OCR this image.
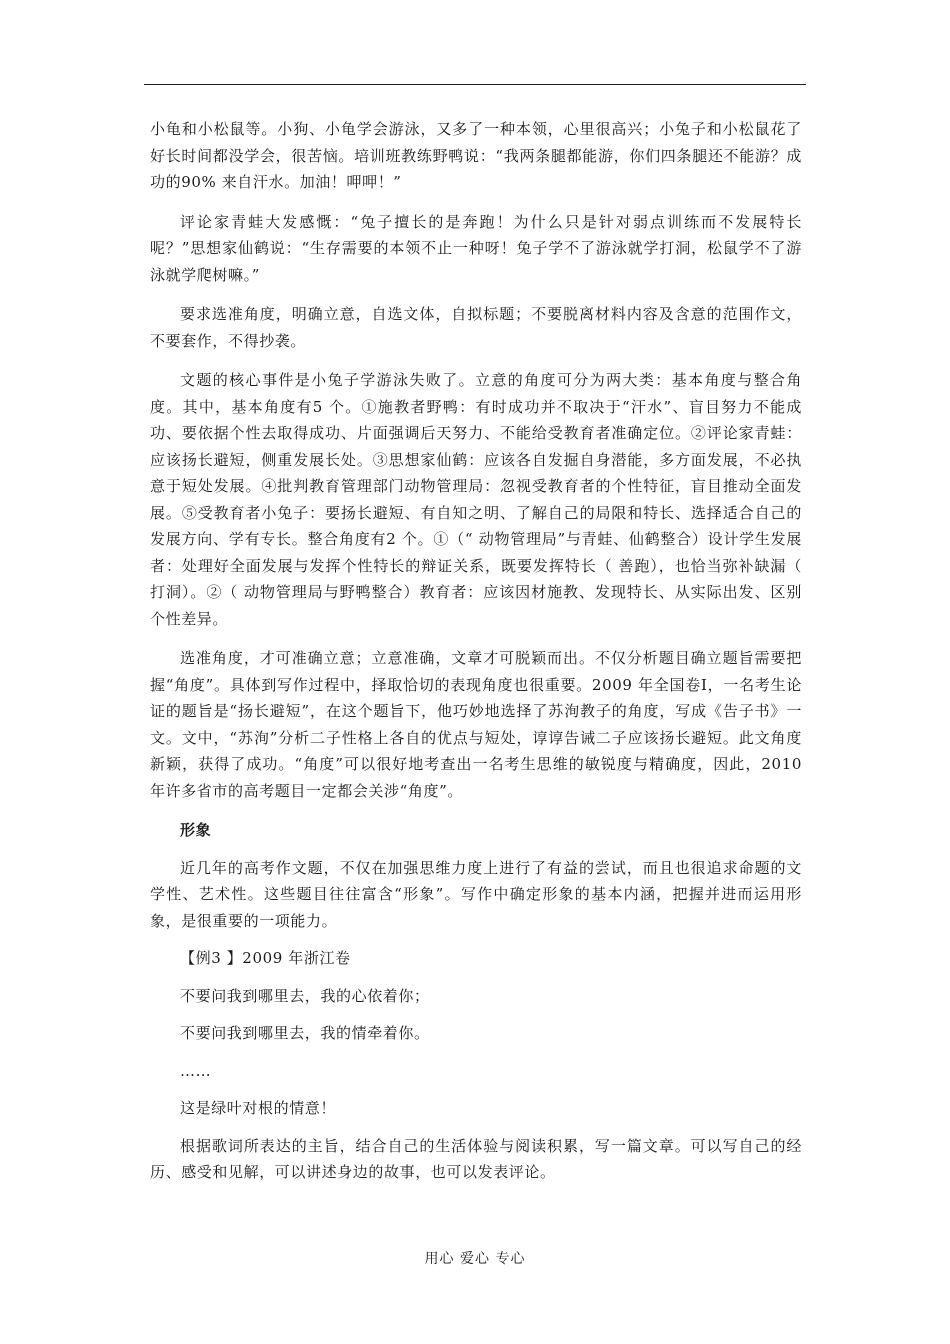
小龟和小松鼠等。小狗、小龟学会游泳，又多了一种本领，心里很高兴；小兔子和小松鼠花了好长时间都没学会，很苦恼。培训班教练野鸭说：“我两条腿都能游，你们四条腿还不能游？成功的90% 来自汗水。加油！呷呷！”

评论家青蛙大发感慨：“兔子擅长的是奔跑！为什么只是针对弱点训练而不发展特长呢？”思想家仙鹤说：“生存需要的本领不止一种呀！兔子学不了游泳就学打洞，松鼠学不了游泳就学爬树嘛。”

要求选准角度，明确立意，自选文体，自拟标题；不要脱离材料内容及含意的范围作文，不要套作，不得抄袭。

文题的核心事件是小兔子学游泳失败了。立意的角度可分为两大类：基本角度与整合角度。其中，基本角度有5 个。①施教者野鸭：有时成功并不取决于“汗水”、盲目努力不能成功、要依据个性去取得成功、片面强调后天努力、不能给受教育者准确定位。②评论家青蛙：应该扬长避短，侧重发展长处。③思想家仙鹤：应该各自发掘自身潜能，多方面发展，不必执意于短处发展。④批判教育管理部门动物管理局：忽视受教育者的个性特征，盲目推动全面发展。⑤受教育者小兔子：要扬长避短、有自知之明、了解自己的局限和特长、选择适合自己的发展方向、学有专长。整合角度有2 个。①（“ 动物管理局”与青蛙、仙鹤整合）设计学生发展者：处理好全面发展与发挥个性特长的辩证关系，既要发挥特长（ 善跑），也恰当弥补缺漏（ 打洞）。②（ 动物管理局与野鸭整合）教育者：应该因材施教、发现特长、从实际出发、区别个性差异。

选准角度，才可准确立意；立意准确，文章才可脱颖而出。不仅分析题目确立题旨需要把握“角度”。具体到写作过程中，择取恰切的表现角度也很重要。2009 年全国卷Ⅰ，一名考生论证的题旨是“扬长避短”，在这个题旨下，他巧妙地选择了苏洵教子的角度，写成《告子书》一文。文中，“苏洵”分析二子性格上各自的优点与短处，谆谆告诫二子应该扬长避短。此文角度新颖，获得了成功。“角度”可以很好地考查出一名考生思维的敏锐度与精确度，因此，2010 年许多省市的高考题目一定都会关涉“角度”。

形象

近几年的高考作文题，不仅在加强思维力度上进行了有益的尝试，而且也很追求命题的文学性、艺术性。这些题目往往富含“形象”。写作中确定形象的基本内涵，把握并进而运用形象，是很重要的一项能力。

【例3 】2009 年浙江卷

不要问我到哪里去，我的心依着你；

不要问我到哪里去，我的情牵着你。

……

这是绿叶对根的情意！

根据歌词所表达的主旨，结合自己的生活体验与阅读积累，写一篇文章。可以写自己的经历、感受和见解，可以讲述身边的故事，也可以发表评论。

用心 爱心 专心
